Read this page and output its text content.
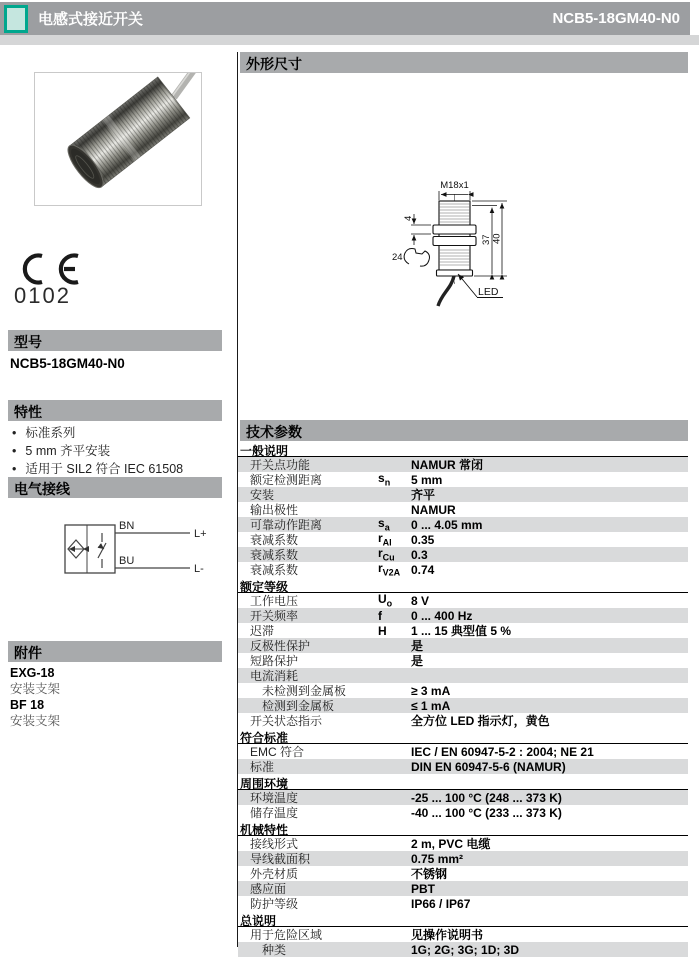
电感式接近开关	NCB5-18GM40-N0
0102
型号
NCB5-18GM40-N0
特性
• 标准系列
• 5 mm 齐平安装
• 适用于 SIL2 符合 IEC 61508
电气接线
BN
BU
L+
L-
附件
EXG-18
安装支架
BF 18
安装支架
外形尺寸
M18x1
37 40
4
24
LED
技术参数
一般说明
开关点功能	NAMUR 常闭
额定检测距离	$s_n$	5 mm
安装	齐平
输出极性	NAMUR
可靠动作距离	$s_a$	0 ... 4.05 mm
衰减系数	$r_{Al}$	0.35
衰减系数	$r_{Cu}$	0.3
衰减系数	$r_{V2A}$ 0.74
额定等级
工作电压	$U_o$	8 V
开关频率	f	0 ... 400 Hz
迟滞	H	1 ... 15 典型值 5 %
反极性保护	是
短路保护	是
电流消耗
未检测到金属板	≥ 3 mA
检测到金属板	≤ 1 mA
开关状态指示	全方位 LED 指示灯，黄色
符合标准
EMC 符合	IEC / EN 60947-5-2 : 2004; NE 21
标准	DIN EN 60947-5-6 (NAMUR)
周围环境
环境温度	-25 ... 100 °C (248 ... 373 K)
储存温度	-40 ... 100 °C (233 ... 373 K)
机械特性
接线形式	2 m, PVC 电缆
导线截面积	0.75 mm²
外壳材质	不锈钢
感应面	PBT
防护等级	IP66 / IP67
总说明
用于危险区域	见操作说明书
种类	1G; 2G; 3G; 1D; 3D
